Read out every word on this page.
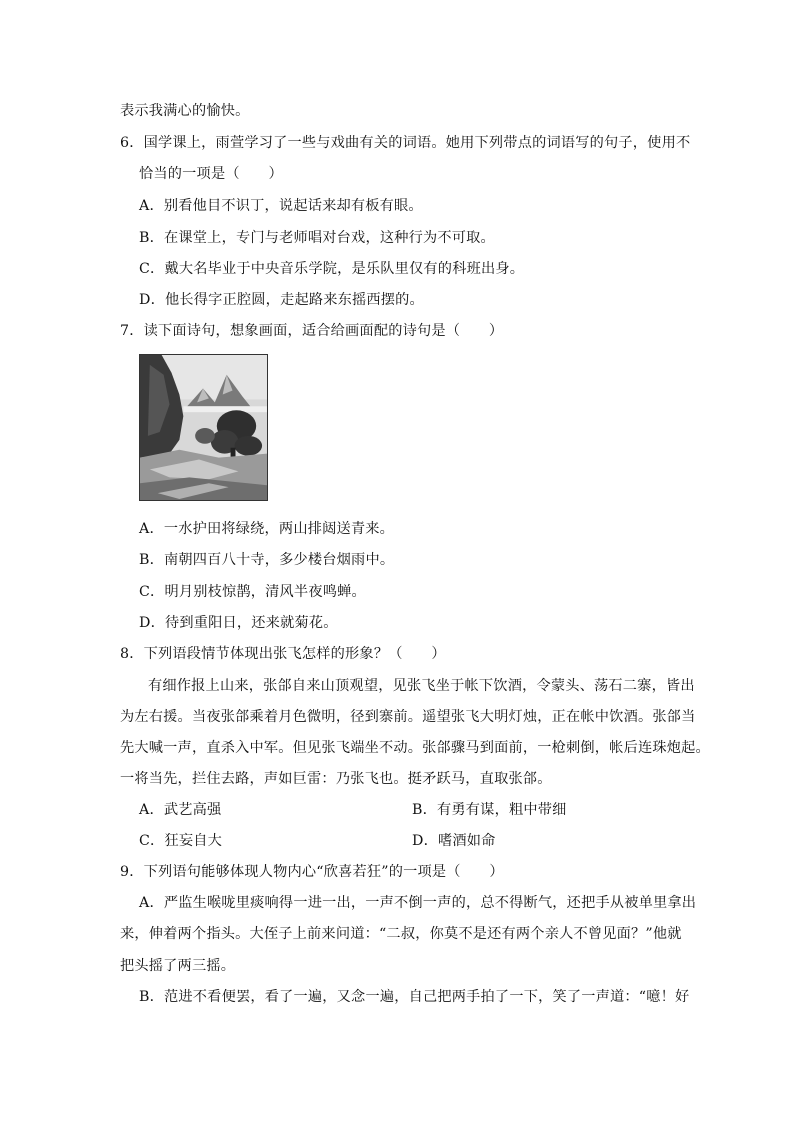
表示我满心的愉快。
6．国学课上，雨萱学习了一些与戏曲有关的词语。她用下列带点的词语写的句子，使用不
恰当的一项是（　　）
A．别看他目不识丁，说起话来却有板有眼。
B．在课堂上，专门与老师唱对台戏，这种行为不可取。
C．戴大名毕业于中央音乐学院，是乐队里仅有的科班出身。
D．他长得字正腔圆，走起路来东摇西摆的。
7．读下面诗句，想象画面，适合给画面配的诗句是（　　）
A．一水护田将绿绕，两山排闼送青来。
B．南朝四百八十寺，多少楼台烟雨中。
C．明月别枝惊鹊，清风半夜鸣蝉。
D．待到重阳日，还来就菊花。
8．下列语段情节体现出张飞怎样的形象？（　　）
有细作报上山来，张郃自来山顶观望，见张飞坐于帐下饮酒，令蒙头、荡石二寨，皆出
为左右援。当夜张郃乘着月色微明，径到寨前。遥望张飞大明灯烛，正在帐中饮酒。张郃当
先大喊一声，直杀入中军。但见张飞端坐不动。张郃骤马到面前，一枪刺倒，帐后连珠炮起。
一将当先，拦住去路，声如巨雷：乃张飞也。挺矛跃马，直取张郃。
A．武艺高强	B．有勇有谋，粗中带细
C．狂妄自大	D．嗜酒如命
9．下列语句能够体现人物内心“欣喜若狂”的一项是（　　）
A．严监生喉咙里痰响得一进一出，一声不倒一声的，总不得断气，还把手从被单里拿出
来，伸着两个指头。大侄子上前来问道：“二叔，你莫不是还有两个亲人不曾见面？”他就
把头摇了两三摇。
B．范进不看便罢，看了一遍，又念一遍，自己把两手拍了一下，笑了一声道：“噫！好
